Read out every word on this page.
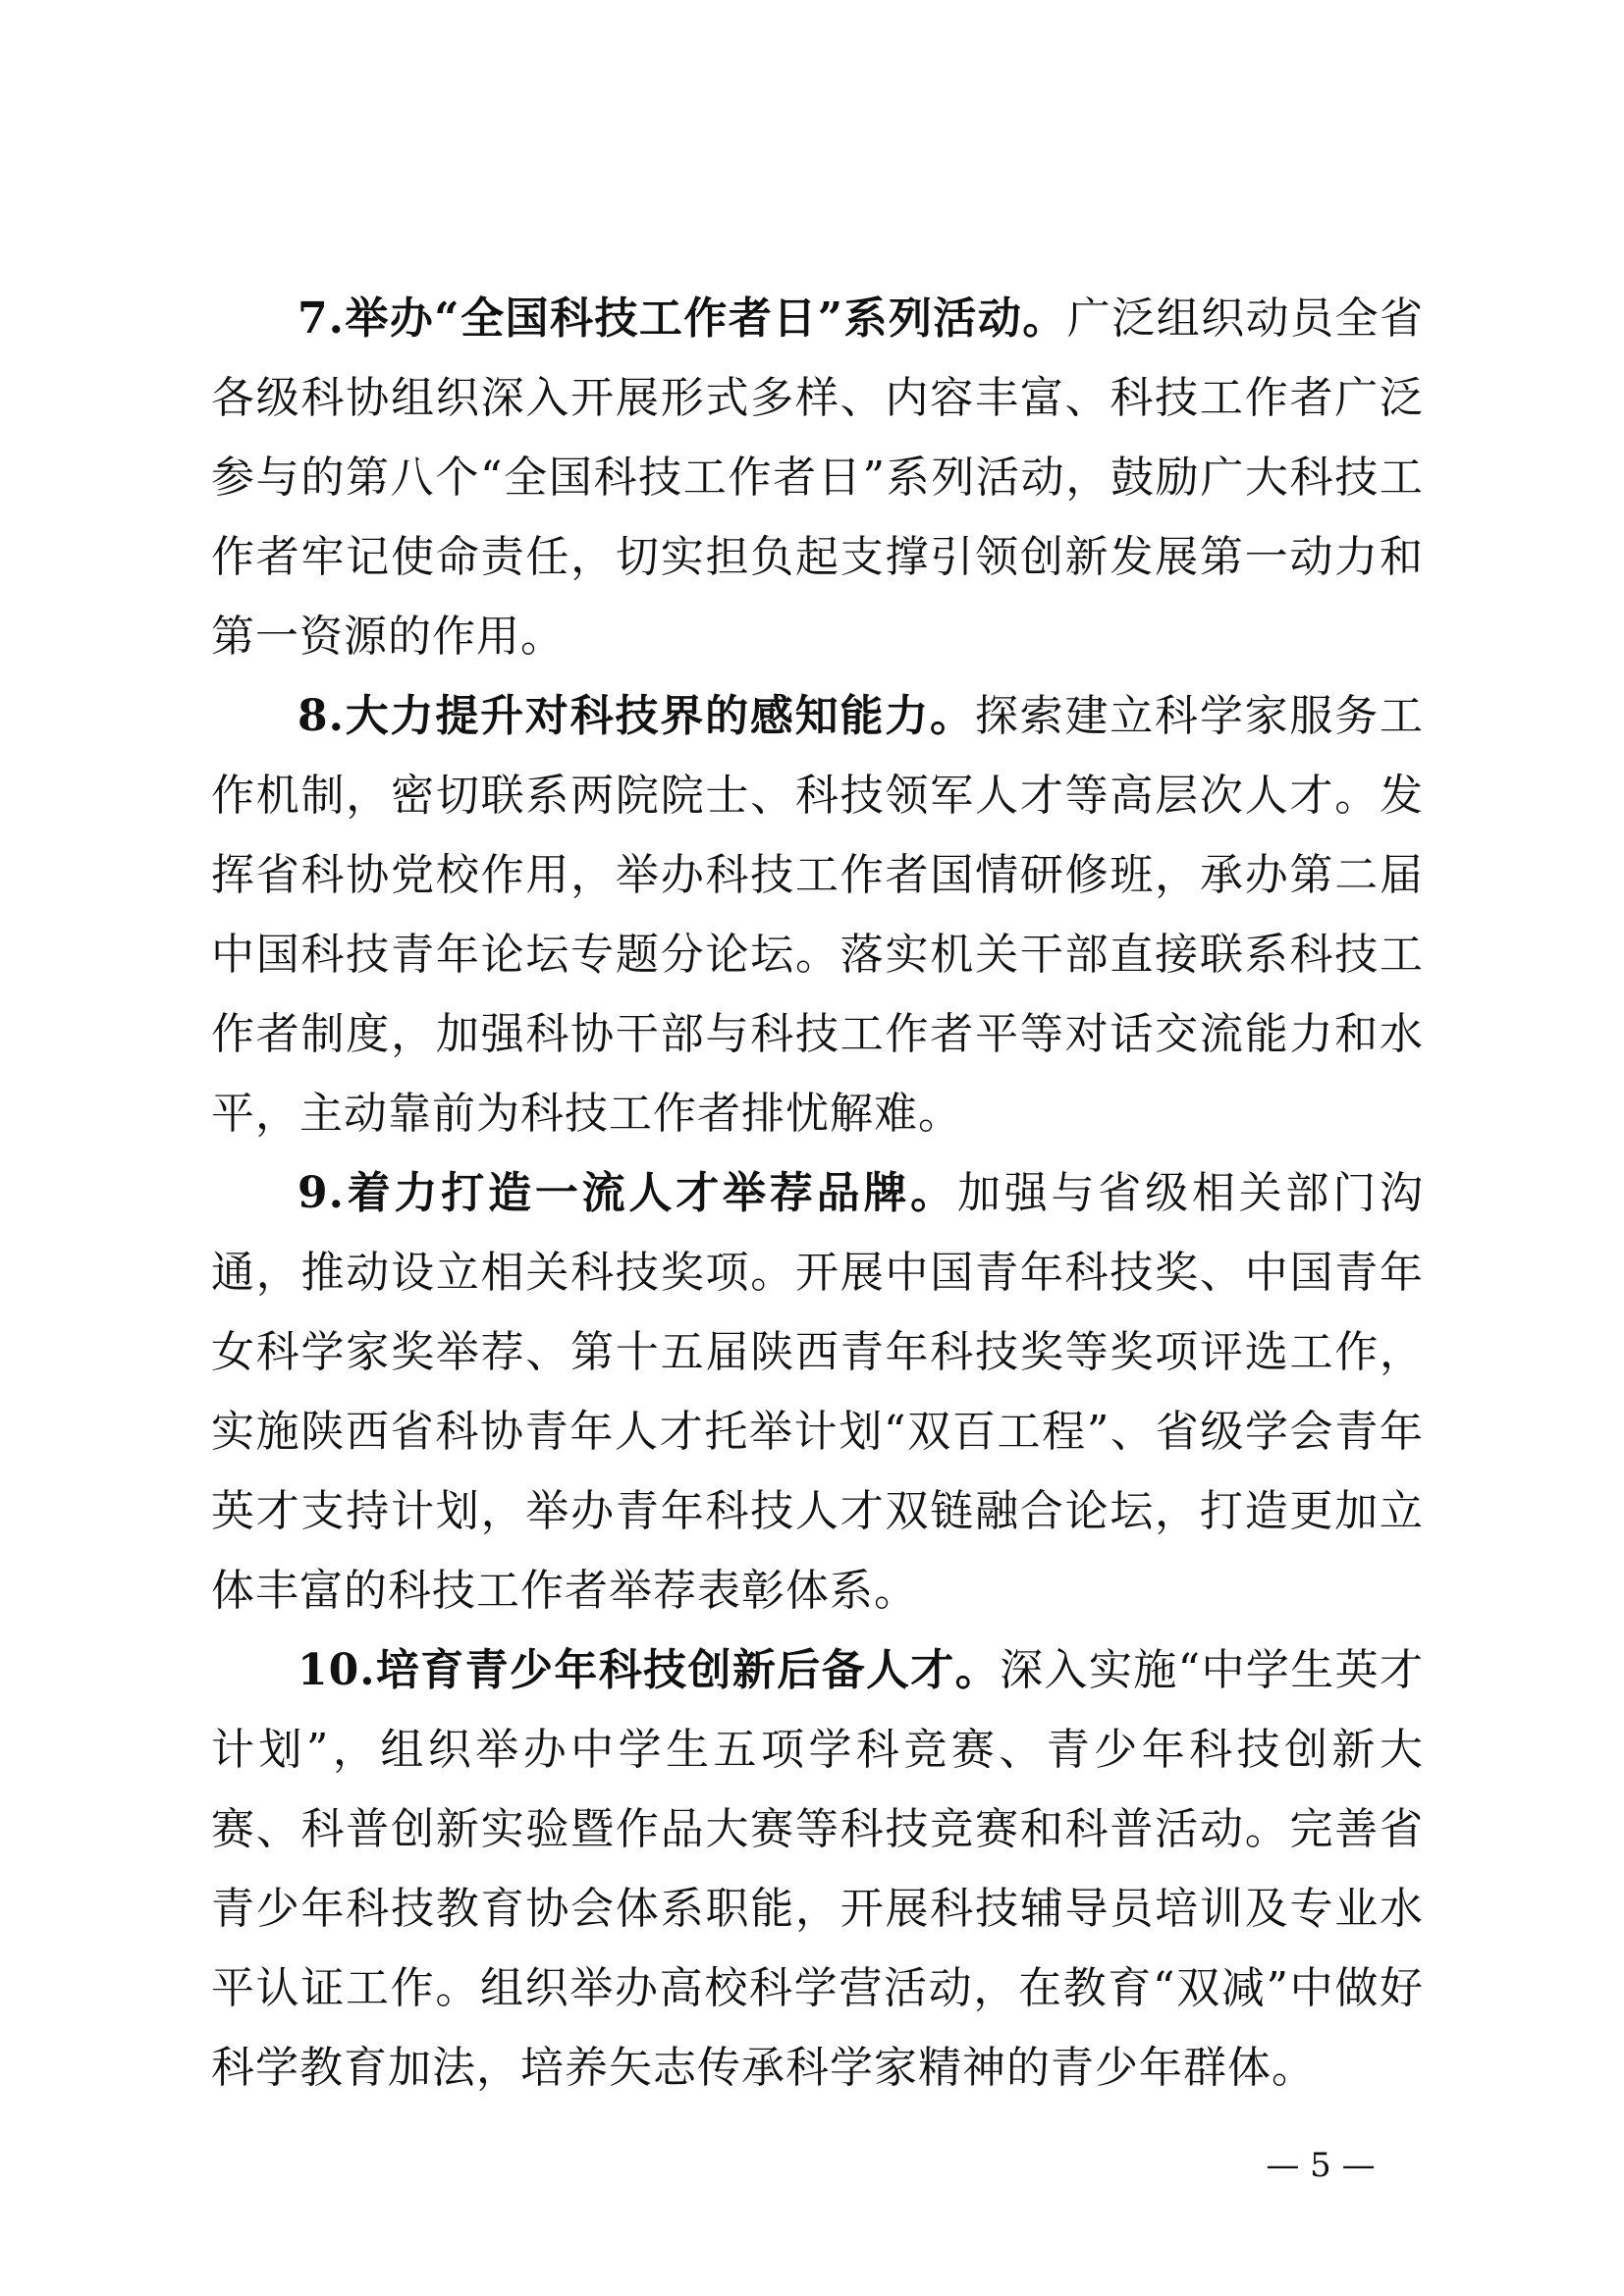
7.举办“全国科技工作者日”系列活动。广泛组织动员全省各级科协组织深入开展形式多样、内容丰富、科技工作者广泛参与的第八个“全国科技工作者日”系列活动，鼓励广大科技工作者牢记使命责任，切实担负起支撑引领创新发展第一动力和第一资源的作用。

8.大力提升对科技界的感知能力。探索建立科学家服务工作机制，密切联系两院院士、科技领军人才等高层次人才。发挥省科协党校作用，举办科技工作者国情研修班，承办第二届中国科技青年论坛专题分论坛。落实机关干部直接联系科技工作者制度，加强科协干部与科技工作者平等对话交流能力和水平，主动靠前为科技工作者排忧解难。

9.着力打造一流人才举荐品牌。加强与省级相关部门沟通，推动设立相关科技奖项。开展中国青年科技奖、中国青年女科学家奖举荐、第十五届陕西青年科技奖等奖项评选工作，实施陕西省科协青年人才托举计划“双百工程”、省级学会青年英才支持计划，举办青年科技人才双链融合论坛，打造更加立体丰富的科技工作者举荐表彰体系。

10.培育青少年科技创新后备人才。深入实施“中学生英才计划”，组织举办中学生五项学科竞赛、青少年科技创新大赛、科普创新实验暨作品大赛等科技竞赛和科普活动。完善省青少年科技教育协会体系职能，开展科技辅导员培训及专业水平认证工作。组织举办高校科学营活动，在教育“双减”中做好科学教育加法，培养矢志传承科学家精神的青少年群体。

— 5 —
